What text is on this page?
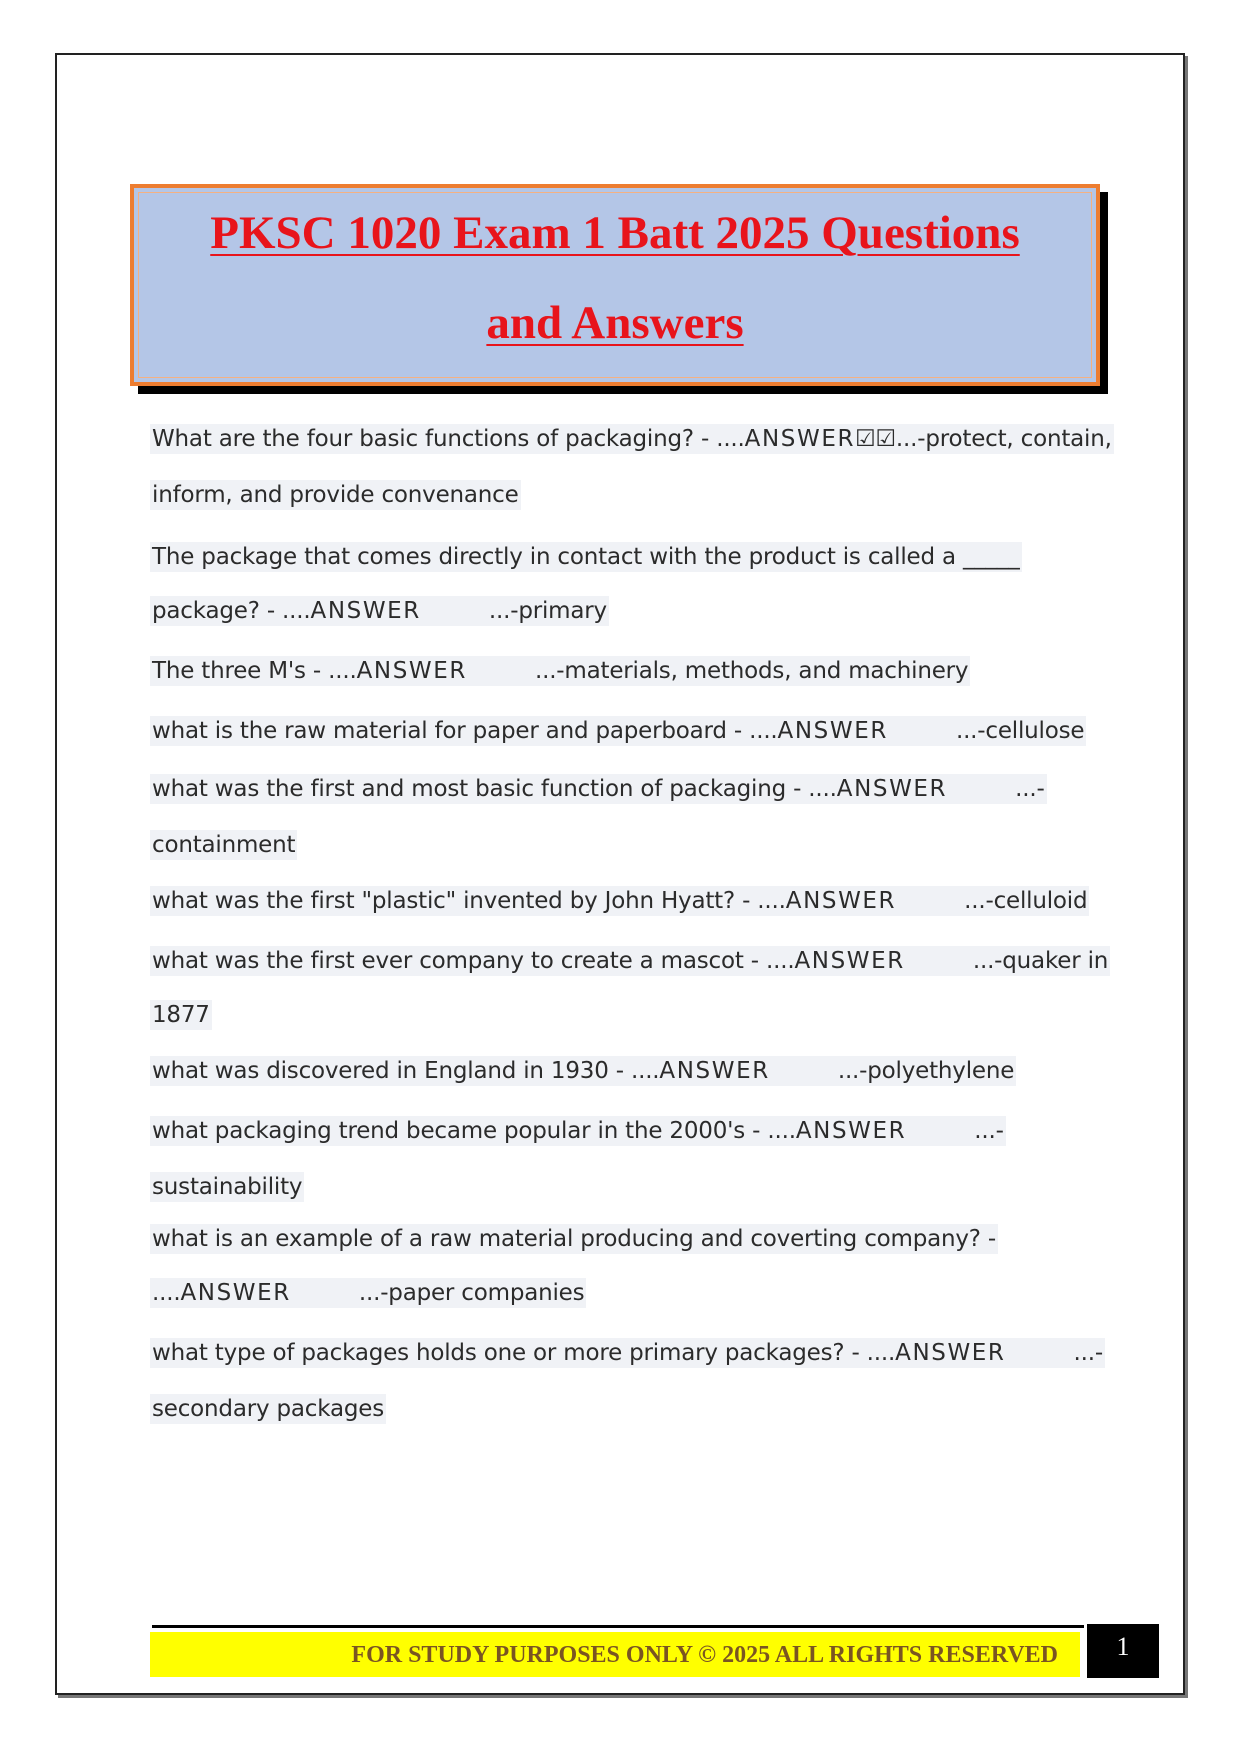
PKSC 1020 Exam 1 Batt 2025 Questions

and Answers

What are the four basic functions of packaging? - ....ANSWER☑☑...-protect, contain,
inform, and provide convenance
The package that comes directly in contact with the product is called a _____
package? - ....ANSWER	...-primary
The three M's - ....ANSWER	...-materials, methods, and machinery
what is the raw material for paper and paperboard - ....ANSWER	...-cellulose
what was the first and most basic function of packaging - ....ANSWER	...-
containment
what was the first "plastic" invented by John Hyatt? - ....ANSWER	...-celluloid
what was the first ever company to create a mascot - ....ANSWER	...-quaker in
1877
what was discovered in England in 1930 - ....ANSWER	...-polyethylene
what packaging trend became popular in the 2000's - ....ANSWER	...-
sustainability
what is an example of a raw material producing and coverting company? -
....ANSWER	...-paper companies
what type of packages holds one or more primary packages? - ....ANSWER	...-
secondary packages
FOR STUDY PURPOSES ONLY © 2025 ALL RIGHTS RESERVED	1
